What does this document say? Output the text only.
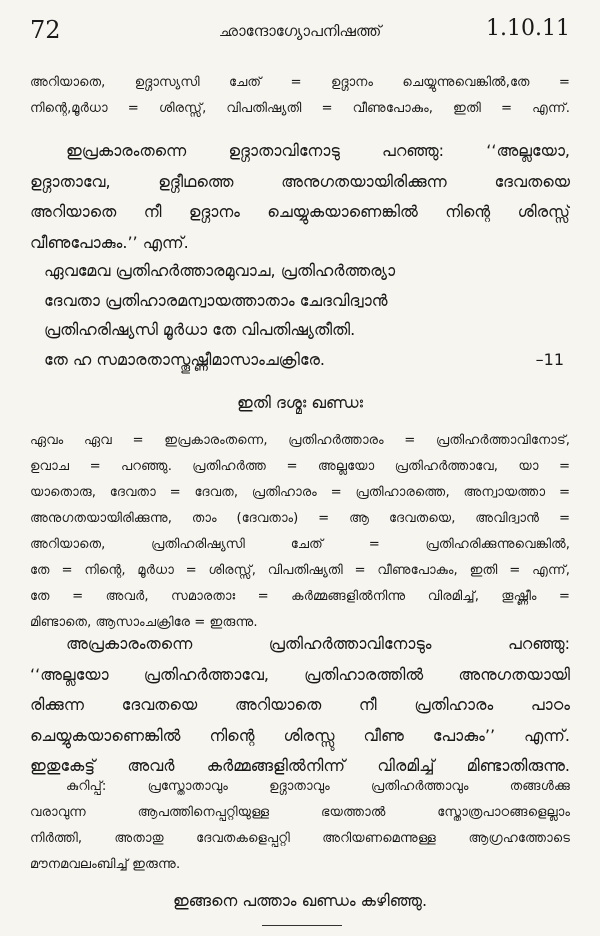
72	ഛാന്ദോഗ്യോപനിഷത്ത്	1.10.11
അറിയാതെ, ഉദ്ഗാസ്യസി ചേത് = ഉദ്ഗാനം ചെയ്യുന്നുവെങ്കിൽ,തേ =
നിന്റെ,മൂർധാ = ശിരസ്സ്, വിപതിഷ്യതി = വീണുപോകും, ഇതി = എന്ന്.
ഇപ്രകാരംതന്നെ ഉദ്ഗാതാവിനോടു പറഞ്ഞു: ‘‘അല്ലയോ,
ഉദ്ഗാതാവേ, ഉദ്ഗീഥത്തെ അനുഗതയായിരിക്കുന്ന ദേവതയെ
അറിയാതെ നീ ഉദ്ഗാനം ചെയ്യുകയാണെങ്കിൽ നിന്റെ ശിരസ്സ്
വീണുപോകും.’’ എന്ന്.
ഏവമേവ പ്രതിഹർത്താരമുവാച, പ്രതിഹർത്തര്യാ
ദേവതാ പ്രതിഹാരമന്വായത്താതാം ചേദവിദ്വാൻ
പ്രതിഹരിഷ്യസി മൂർധാ തേ വിപതിഷ്യതീതി.
തേ ഹ സമാരതാസ്തൂഷ്ണീമാസാംചക്രിരേ.	–11
ഇതി ദശ്മഃ ഖണ്ഡഃ
ഏവം ഏവ = ഇപ്രകാരംതന്നെ, പ്രതിഹർത്താരം = പ്രതിഹർത്താവിനോട്,
ഉവാച = പറഞ്ഞു. പ്രതിഹർത്ത = അല്ലയോ പ്രതിഹർത്താവേ, യാ =
യാതൊരു, ദേവതാ = ദേവത, പ്രതിഹാരം = പ്രതിഹാരത്തെ, അന്വായത്താ =
അനുഗതയായിരിക്കുന്നു, താം (ദേവതാം) = ആ ദേവതയെ, അവിദ്വാൻ =
അറിയാതെ, പ്രതിഹരിഷ്യസി ചേത് = പ്രതിഹരിക്കുന്നുവെങ്കിൽ,
തേ = നിന്റെ, മൂർധാ = ശിരസ്സ്, വിപതിഷ്യതി = വീണുപോകും, ഇതി = എന്ന്,
തേ = അവർ, സമാരതാഃ = കർമ്മങ്ങളിൽനിന്നു വിരമിച്ച്, തൂഷ്ണീം =
മിണ്ടാതെ, ആസാംചക്രിരേ = ഇരുന്നു.
അപ്രകാരംതന്നെ പ്രതിഹർത്താവിനോടും പറഞ്ഞു:
‘‘അല്ലയോ പ്രതിഹർത്താവേ, പ്രതിഹാരത്തിൽ അനുഗതയായി
രിക്കുന്ന ദേവതയെ അറിയാതെ നീ പ്രതിഹാരം പാഠം
ചെയ്യുകയാണെങ്കിൽ നിന്റെ ശിരസ്സു വീണു പോകും’’ എന്ന്.
ഇതുകേട്ട് അവർ കർമ്മങ്ങളിൽനിന്ന് വിരമിച്ച് മിണ്ടാതിരുന്നു.
കുറിപ്പ്: പ്രസ്തോതാവും ഉദ്ഗാതാവും പ്രതിഹർത്താവും തങ്ങൾക്കു
വരാവുന്ന ആപത്തിനെപ്പറ്റിയുള്ള ഭയത്താൽ സ്തോത്രപാഠങ്ങളെല്ലാം
നിർത്തി, അതാതു ദേവതകളെപ്പറ്റി അറിയണമെന്നുള്ള ആഗ്രഹത്തോടെ
മൗനമവലംബിച്ച് ഇരുന്നു.
ഇങ്ങനെ പത്താം ഖണ്ഡം കഴിഞ്ഞു.
